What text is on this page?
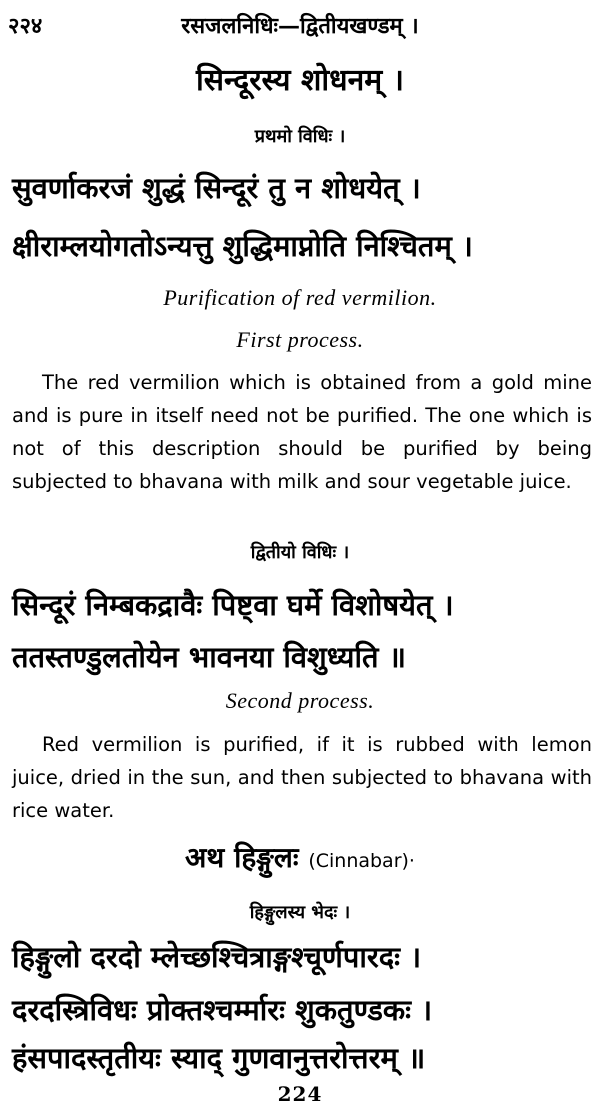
२२४	रसजलनिधिः—द्वितीयखण्डम् ।
सिन्दूरस्य शोधनम् ।
प्रथमो विधिः ।
सुवर्णाकरजं शुद्धं सिन्दूरं तु न शोधयेत् ।
क्षीराम्लयोगतोऽन्यत्तु शुद्धिमाप्नोति निश्चितम् ।
Purification of red vermilion.
First process.

The red vermilion which is obtained from a gold mine and is pure in itself need not be purified. The one which is not of this description should be purified by being subjected to bhavana with milk and sour vegetable juice.

द्वितीयो विधिः ।
सिन्दूरं निम्बकद्रावैः पिष्ट्वा घर्मे विशोषयेत् ।
ततस्तण्डुलतोयेन भावनया विशुध्यति ॥
Second process.

Red vermilion is purified, if it is rubbed with lemon juice, dried in the sun, and then subjected to bhavana with rice water.

अथ हिङ्गुलः (Cinnabar)·
हिङ्गुलस्य भेदः ।
हिङ्गुलो दरदो म्लेच्छश्चित्राङ्गश्चूर्णपारदः ।
दरदस्त्रिविधः प्रोक्तश्चर्म्मारः शुकतुण्डकः ।
हंसपादस्तृतीयः स्याद् गुणवानुत्तरोत्तरम् ॥
224
